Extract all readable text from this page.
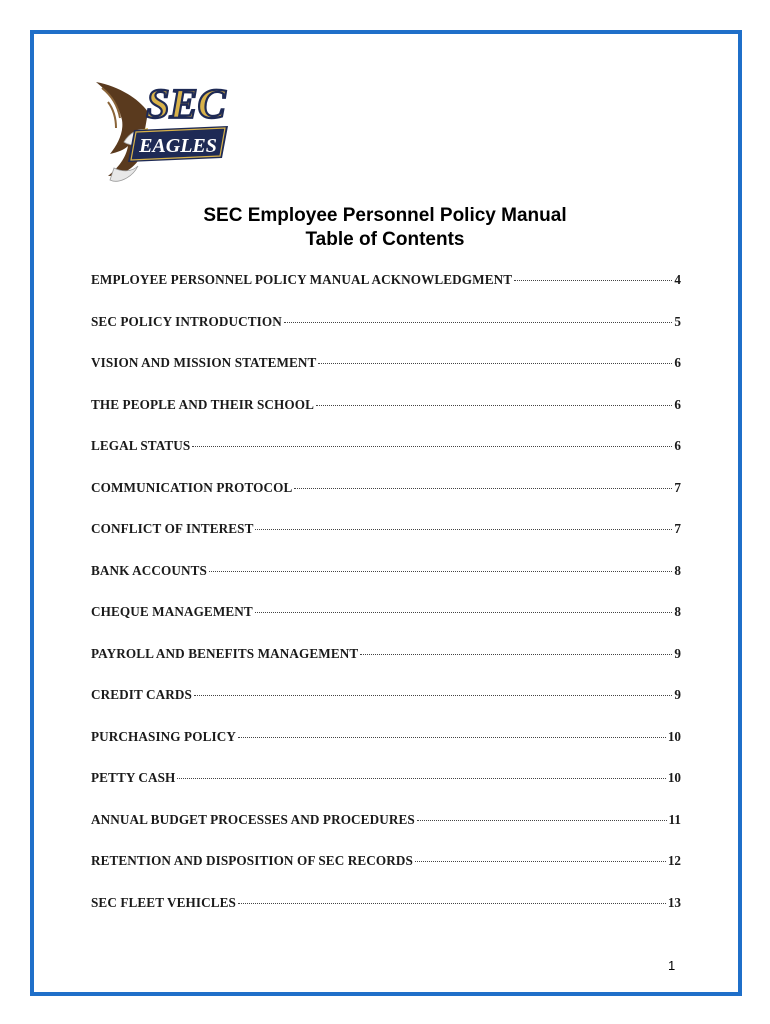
SEC
EAGLES
SEC Employee Personnel Policy Manual
Table of Contents
EMPLOYEE PERSONNEL POLICY MANUAL ACKNOWLEDGMENT	4
SEC POLICY INTRODUCTION	5
VISION AND MISSION STATEMENT	6
THE PEOPLE AND THEIR SCHOOL	6
LEGAL STATUS	6
COMMUNICATION PROTOCOL	7
CONFLICT OF INTEREST	7
BANK ACCOUNTS	8
CHEQUE MANAGEMENT	8
PAYROLL AND BENEFITS MANAGEMENT	9
CREDIT CARDS	9
PURCHASING POLICY	10
PETTY CASH	10
ANNUAL BUDGET PROCESSES AND PROCEDURES	11
RETENTION AND DISPOSITION OF SEC RECORDS	12
SEC FLEET VEHICLES	13
1
